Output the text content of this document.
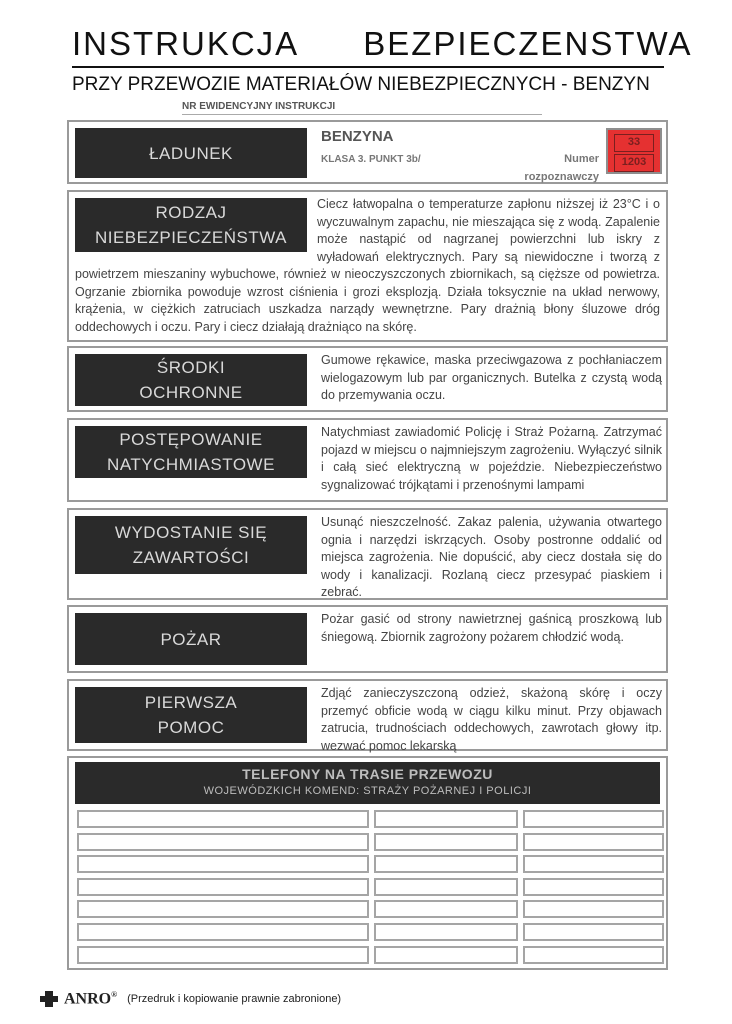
INSTRUKCJA BEZPIECZENSTWA
PRZY PRZEWOZIE MATERIAŁÓW NIEBEZPIECZNYCH - BENZYN
NR EWIDENCYJNY INSTRUKCJI
ŁADUNEK
BENZYNA
KLASA 3. PUNKT 3b/	Numer
rozpoznawczy
33
1203
RODZAJ
NIEBEZPIECZEŃSTWA
Ciecz łatwopalna o temperaturze zapłonu niższej iż 23°C i o wyczuwalnym zapachu, nie mieszająca się z wodą. Zapalenie może nastąpić od nagrzanej powierzchni lub iskry z wyładowań elektrycznych. Pary są niewidoczne i tworzą z powietrzem mieszaniny wybuchowe, również w nieoczyszczonych zbiornikach, są cięższe od powietrza. Ogrzanie zbiornika powoduje wzrost ciśnienia i grozi eksplozją. Działa toksycznie na układ nerwowy, krążenia, w ciężkich zatruciach uszkadza narządy wewnętrzne. Pary drażnią błony śluzowe dróg oddechowych i oczu. Pary i ciecz działają drażniąco na skórę.
ŚRODKI
OCHRONNE
Gumowe rękawice, maska przeciwgazowa z pochłaniaczem wielogazowym lub par organicznych. Butelka z czystą wodą do przemywania oczu.
POSTĘPOWANIE
NATYCHMIASTOWE
Natychmiast zawiadomić Policję i Straż Pożarną. Zatrzymać pojazd w miejscu o najmniejszym zagrożeniu. Wyłączyć silnik i całą sieć elektryczną w pojeździe. Niebezpieczeństwo sygnalizować trójkątami i przenośnymi lampami
WYDOSTANIE SIĘ
ZAWARTOŚCI
Usunąć nieszczelność. Zakaz palenia, używania otwartego ognia i narzędzi iskrzących. Osoby postronne oddalić od miejsca zagrożenia. Nie dopuścić, aby ciecz dostała się do wody i kanalizacji. Rozlaną ciecz przesypać piaskiem i zebrać.
POŻAR
Pożar gasić od strony nawietrznej gaśnicą proszkową lub śniegową. Zbiornik zagrożony pożarem chłodzić wodą.
PIERWSZA
POMOC
Zdjąć zanieczyszczoną odzież, skażoną skórę i oczy przemyć obficie wodą w ciągu kilku minut. Przy objawach zatrucia, trudnościach oddechowych, zawrotach głowy itp. wezwać pomoc lekarską
TELEFONY NA TRASIE PRZEWOZU
WOJEWÓDZKICH KOMEND: STRAŻY POŻARNEJ I POLICJI
ANRO® (Przedruk i kopiowanie prawnie zabronione)
